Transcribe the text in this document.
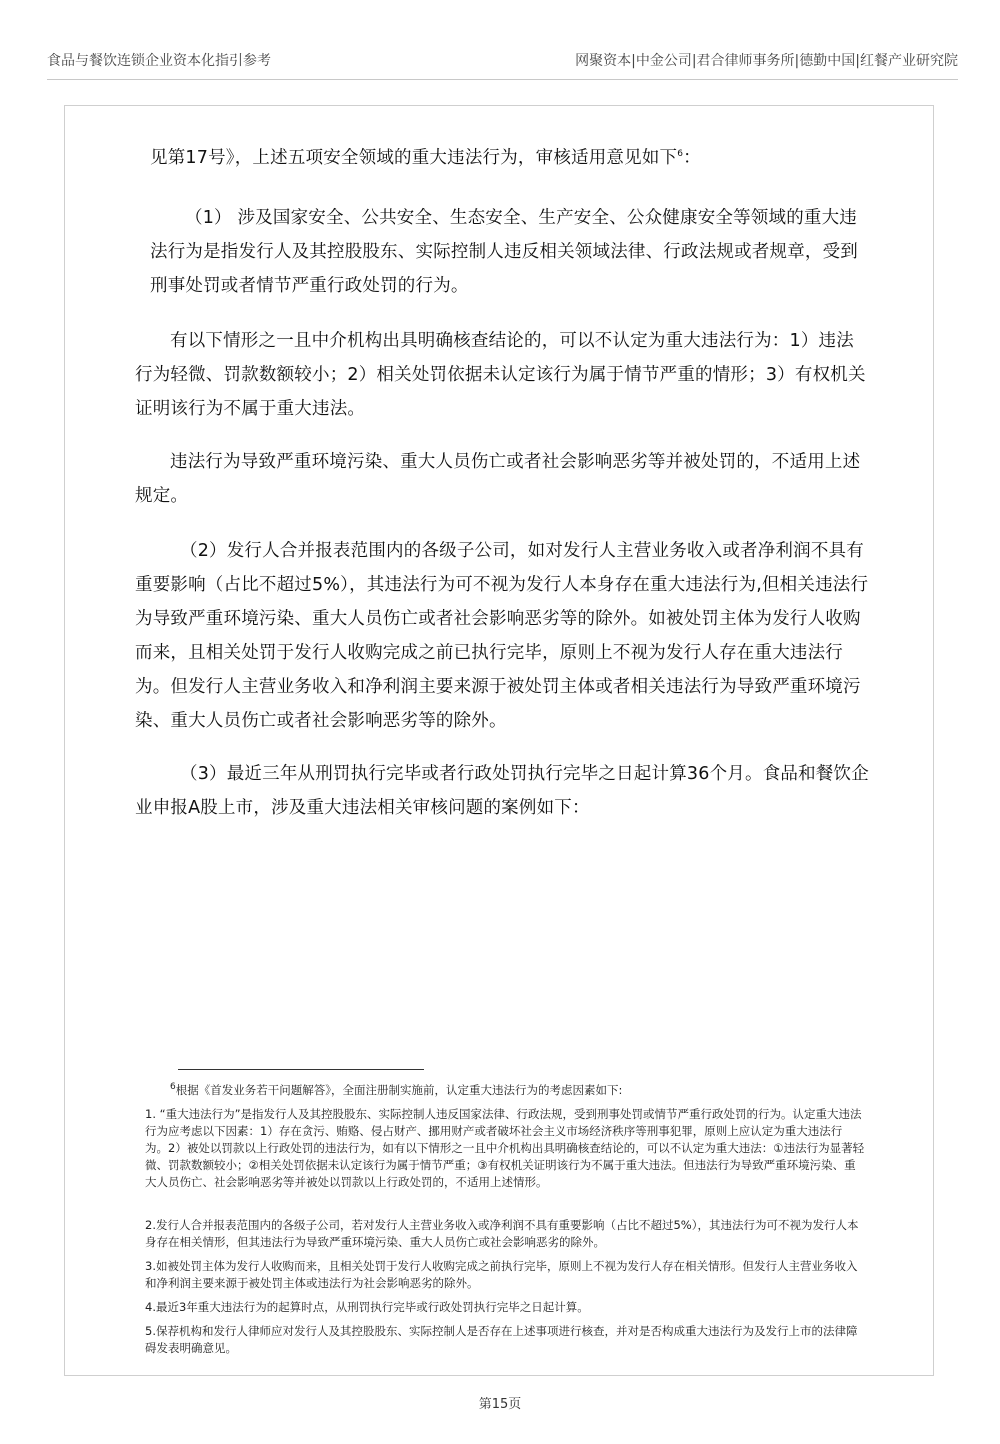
食品与餐饮连锁企业资本化指引参考	网聚资本|中金公司|君合律师事务所|德勤中国|红餐产业研究院
见第17号》，上述五项安全领域的重大违法行为，审核适用意见如下$^6$：
（1） 涉及国家安全、公共安全、生态安全、生产安全、公众健康安全等领域的重大违法行为是指发行人及其控股股东、实际控制人违反相关领域法律、行政法规或者规章，受到刑事处罚或者情节严重行政处罚的行为。
有以下情形之一且中介机构出具明确核查结论的，可以不认定为重大违法行为：1）违法行为轻微、罚款数额较小；2）相关处罚依据未认定该行为属于情节严重的情形；3）有权机关证明该行为不属于重大违法。
违法行为导致严重环境污染、重大人员伤亡或者社会影响恶劣等并被处罚的，不适用上述规定。
（2）发行人合并报表范围内的各级子公司，如对发行人主营业务收入或者净利润不具有重要影响（占比不超过5%），其违法行为可不视为发行人本身存在重大违法行为,但相关违法行为导致严重环境污染、重大人员伤亡或者社会影响恶劣等的除外。如被处罚主体为发行人收购而来，且相关处罚于发行人收购完成之前已执行完毕，原则上不视为发行人存在重大违法行为。但发行人主营业务收入和净利润主要来源于被处罚主体或者相关违法行为导致严重环境污染、重大人员伤亡或者社会影响恶劣等的除外。
（3）最近三年从刑罚执行完毕或者行政处罚执行完毕之日起计算36个月。食品和餐饮企业申报A股上市，涉及重大违法相关审核问题的案例如下：
$^6$根据《首发业务若干问题解答》，全面注册制实施前，认定重大违法行为的考虑因素如下:
1. “重大违法行为”是指发行人及其控股股东、实际控制人违反国家法律、行政法规，受到刑事处罚或情节严重行政处罚的行为。认定重大违法行为应考虑以下因素：1）存在贪污、贿赂、侵占财产、挪用财产或者破坏社会主义市场经济秩序等刑事犯罪，原则上应认定为重大违法行为。2）被处以罚款以上行政处罚的违法行为，如有以下情形之一且中介机构出具明确核查结论的，可以不认定为重大违法：①违法行为显著轻微、罚款数额较小；②相关处罚依据未认定该行为属于情节严重；③有权机关证明该行为不属于重大违法。但违法行为导致严重环境污染、重大人员伤亡、社会影响恶劣等并被处以罚款以上行政处罚的，不适用上述情形。
2.发行人合并报表范围内的各级子公司，若对发行人主营业务收入或净利润不具有重要影响（占比不超过5%），其违法行为可不视为发行人本身存在相关情形，但其违法行为导致严重环境污染、重大人员伤亡或社会影响恶劣的除外。
3.如被处罚主体为发行人收购而来，且相关处罚于发行人收购完成之前执行完毕，原则上不视为发行人存在相关情形。但发行人主营业务收入和净利润主要来源于被处罚主体或违法行为社会影响恶劣的除外。
4.最近3年重大违法行为的起算时点，从刑罚执行完毕或行政处罚执行完毕之日起计算。
5.保荐机构和发行人律师应对发行人及其控股股东、实际控制人是否存在上述事项进行核查，并对是否构成重大违法行为及发行上市的法律障碍发表明确意见。
第15页
